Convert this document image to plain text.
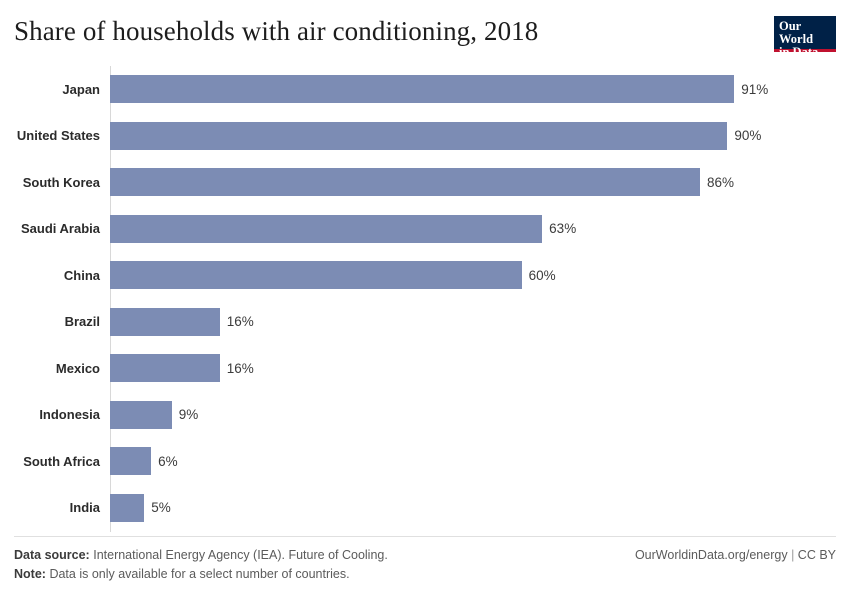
Share of households with air conditioning, 2018	Our World
in Data
Japan	91%
United States	90%
South Korea	86%
Saudi Arabia	63%
China	60%
Brazil	16%
Mexico	16%
Indonesia	9%
South Africa	6%
India	5%
Data source: International Energy Agency (IEA). Future of Cooling.	OurWorldinData.org/energy | CC BY
Note: Data is only available for a select number of countries.
